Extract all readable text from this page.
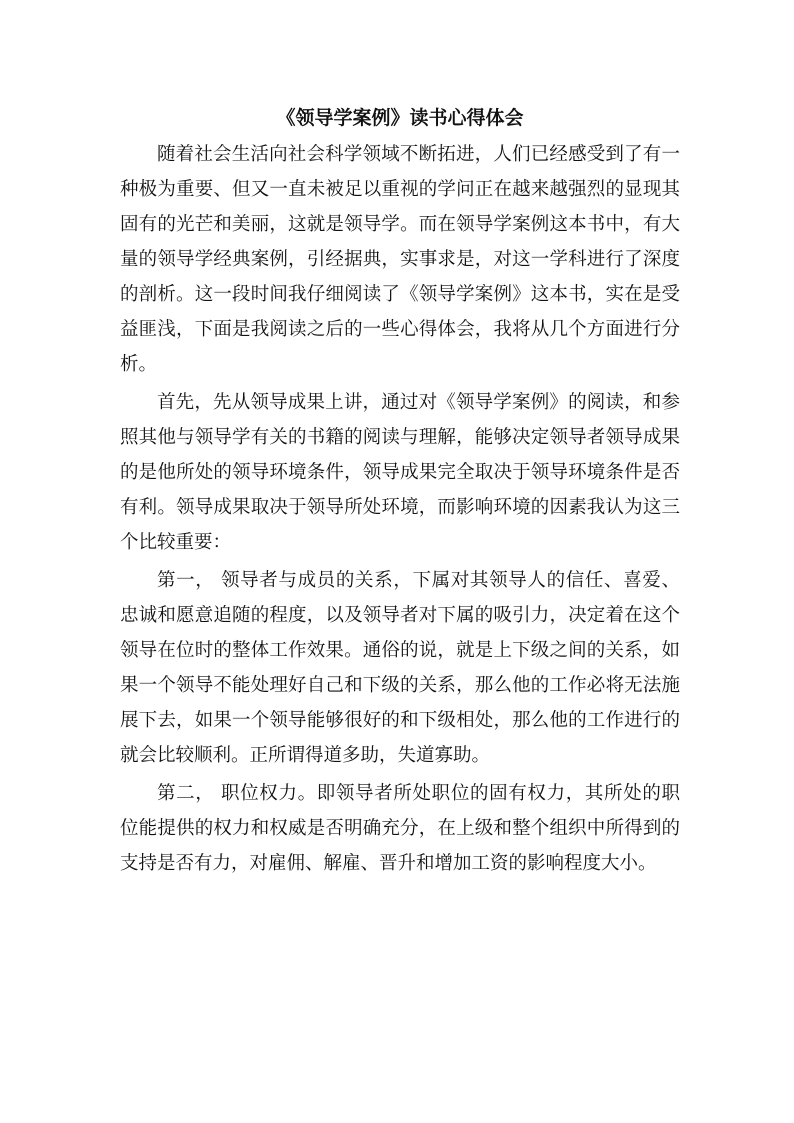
《领导学案例》读书心得体会

随着社会生活向社会科学领域不断拓进，人们已经感受到了有一种极为重要、但又一直未被足以重视的学问正在越来越强烈的显现其固有的光芒和美丽，这就是领导学。而在领导学案例这本书中，有大量的领导学经典案例，引经据典，实事求是，对这一学科进行了深度的剖析。这一段时间我仔细阅读了《领导学案例》这本书，实在是受益匪浅，下面是我阅读之后的一些心得体会，我将从几个方面进行分析。

首先，先从领导成果上讲，通过对《领导学案例》的阅读，和参照其他与领导学有关的书籍的阅读与理解，能够决定领导者领导成果的是他所处的领导环境条件，领导成果完全取决于领导环境条件是否有利。领导成果取决于领导所处环境，而影响环境的因素我认为这三个比较重要：

第一， 领导者与成员的关系，下属对其领导人的信任、喜爱、忠诚和愿意追随的程度，以及领导者对下属的吸引力，决定着在这个领导在位时的整体工作效果。通俗的说，就是上下级之间的关系，如果一个领导不能处理好自己和下级的关系，那么他的工作必将无法施展下去，如果一个领导能够很好的和下级相处，那么他的工作进行的就会比较顺利。正所谓得道多助，失道寡助。

第二， 职位权力。即领导者所处职位的固有权力，其所处的职位能提供的权力和权威是否明确充分，在上级和整个组织中所得到的支持是否有力，对雇佣、解雇、晋升和增加工资的影响程度大小。
